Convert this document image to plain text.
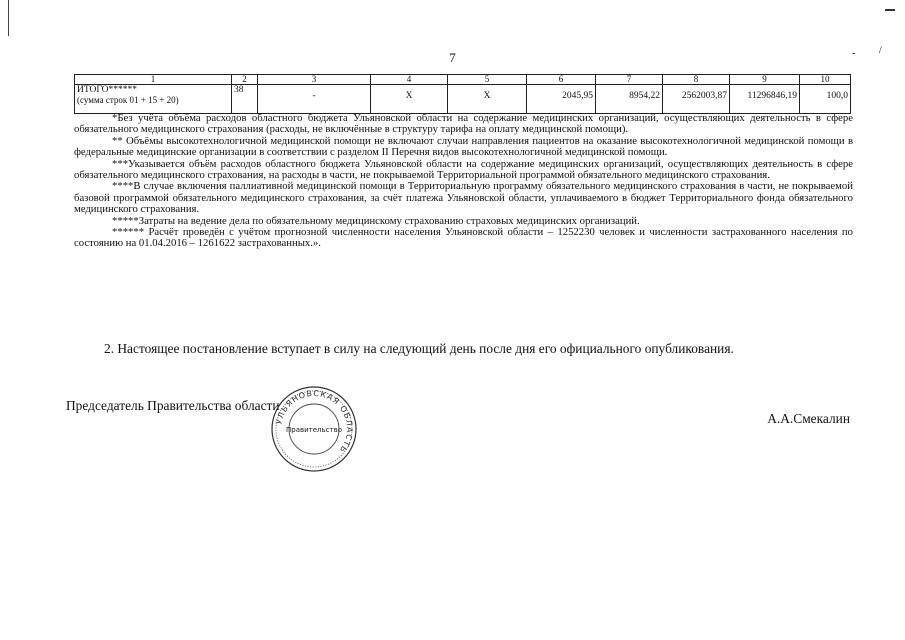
7	- /
1	2	3	4	5	6	7	8	9	10

ИТОГО******
(сумма строк 01 + 15 + 20)	38	-	Х	Х	2045,95	8954,22	2562003,87	11296846,19	100,0

*Без учёта объёма расходов областного бюджета Ульяновской области на содержание медицинских организаций, осуществляющих деятельность в сфере обязательного медицинского страхования (расходы, не включённые в структуру тарифа на оплату медицинской помощи).

** Объёмы высокотехнологичной медицинской помощи не включают случаи направления пациентов на оказание высокотехнологичной медицинской помощи в федеральные медицинские организации в соответствии с разделом II Перечня видов высокотехнологичной медицинской помощи.

***Указывается объём расходов областного бюджета Ульяновской области на содержание медицинских организаций, осуществляющих деятельность в сфере обязательного медицинского страхования, на расходы в части, не покрываемой Территориальной программой обязательного медицинского страхования.

****В случае включения паллиативной медицинской помощи в Территориальную программу обязательного медицинского страхования в части, не покрываемой базовой программой обязательного медицинского страхования, за счёт платежа Ульяновской области, уплачиваемого в бюджет Территориального фонда обязательного медицинского страхования.

*****Затраты на ведение дела по обязательному медицинскому страхованию страховых медицинских организаций.

****** Расчёт проведён с учётом прогнозной численности населения Ульяновской области – 1252230 человек и численности застрахованного населения по состоянию на 01.04.2016 – 1261622 застрахованных.».

2. Настоящее постановление вступает в силу на следующий день после дня его официального опубликования.
Председатель Правительства области
А.А.Смекалин
УЛЬЯНОВСКАЯ ОБЛАСТЬ
Правительство
